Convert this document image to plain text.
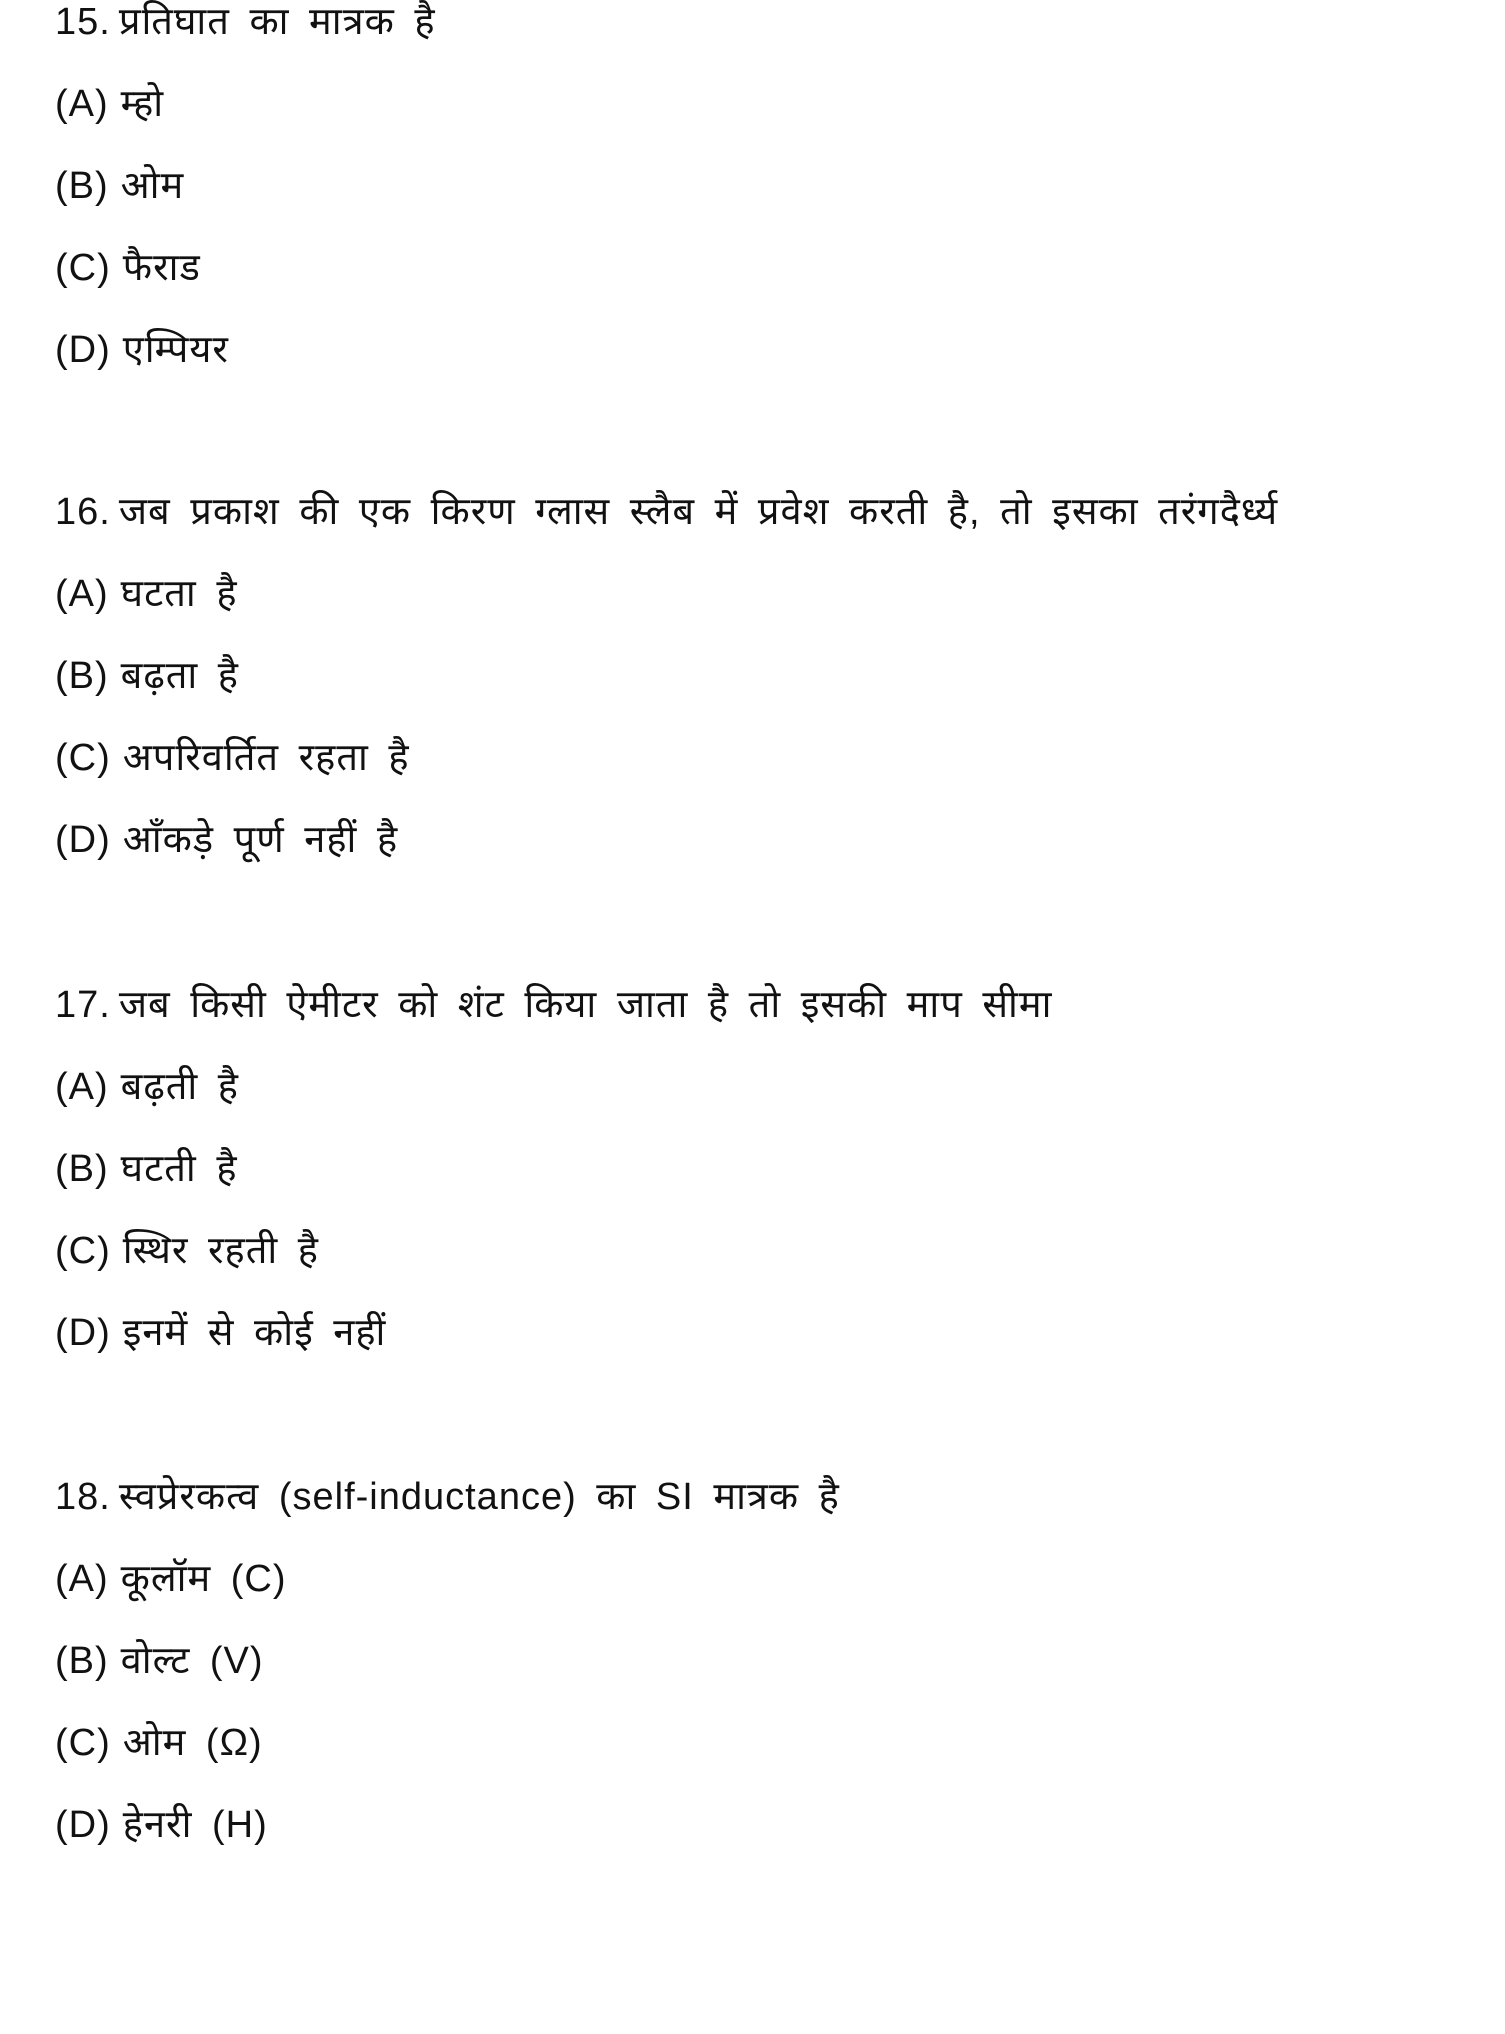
15. प्रतिघात का मात्रक है
(A) म्हो
(B) ओम
(C) फैराड
(D) एम्पियर
16. जब प्रकाश की एक किरण ग्लास स्लैब में प्रवेश करती है, तो इसका तरंगदैर्ध्य
(A) घटता है
(B) बढ़ता है
(C) अपरिवर्तित रहता है
(D) आँकड़े पूर्ण नहीं है
17. जब किसी ऐमीटर को शंट किया जाता है तो इसकी माप सीमा
(A) बढ़ती है
(B) घटती है
(C) स्थिर रहती है
(D) इनमें से कोई नहीं
18. स्वप्रेरकत्व (self-inductance) का SI मात्रक है
(A) कूलॉम (C)
(B) वोल्ट (V)
(C) ओम (Ω)
(D) हेनरी (H)
